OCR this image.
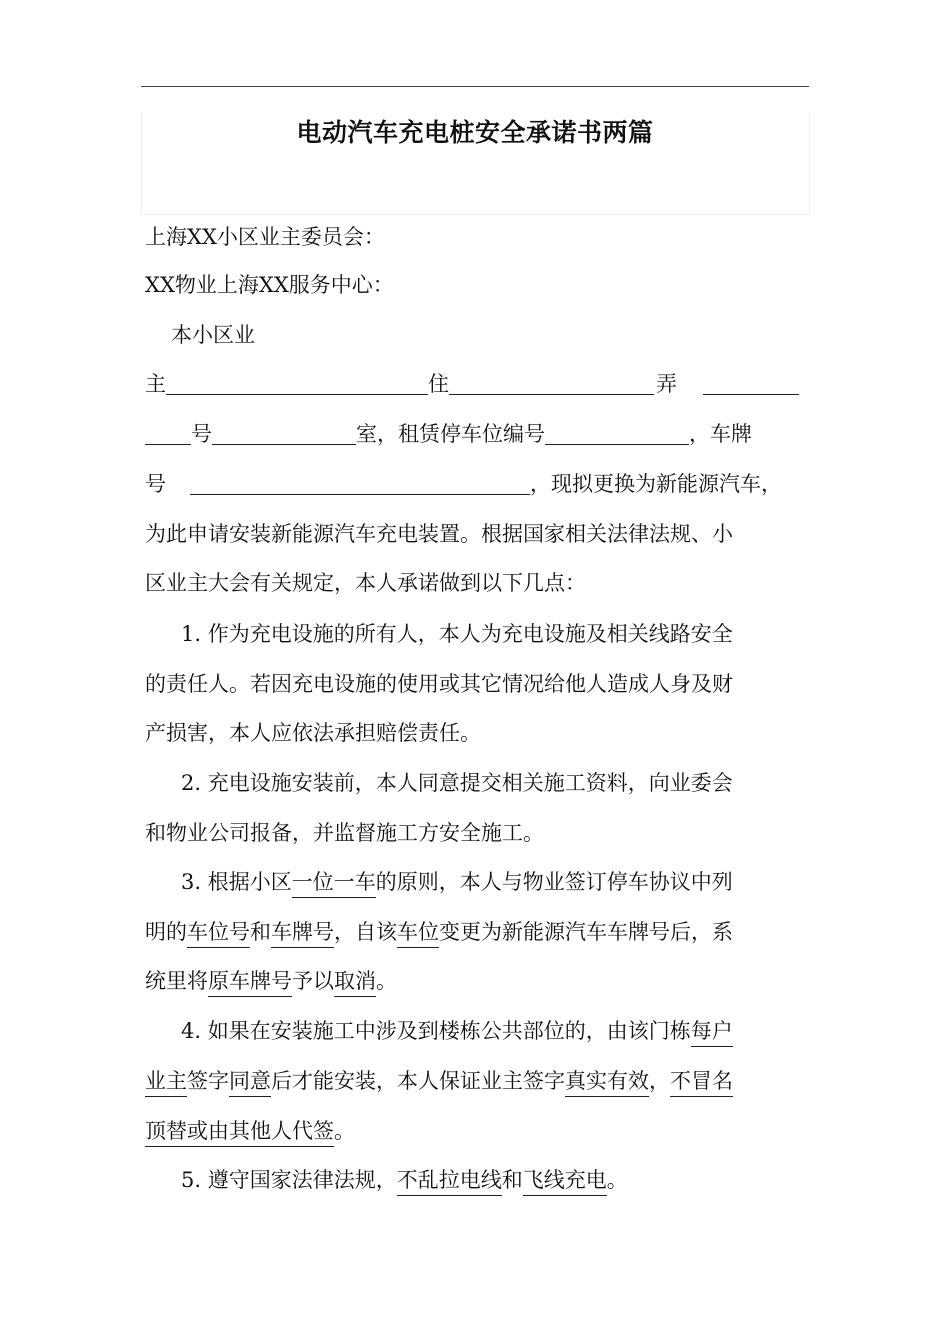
电动汽车充电桩安全承诺书两篇
上海XX小区业主委员会：
XX物业上海XX服务中心：
本小区业
主	住	弄
号	室，租赁停车位编号	，车牌
号	，现拟更换为新能源汽车，
为此申请安装新能源汽车充电装置。根据国家相关法律法规、小
区业主大会有关规定，本人承诺做到以下几点：
1. 作为充电设施的所有人，本人为充电设施及相关线路安全
的责任人。若因充电设施的使用或其它情况给他人造成人身及财
产损害，本人应依法承担赔偿责任。
2. 充电设施安装前，本人同意提交相关施工资料，向业委会
和物业公司报备，并监督施工方安全施工。
3. 根据小区一位一车的原则，本人与物业签订停车协议中列
明的车位号和车牌号，自该车位变更为新能源汽车车牌号后，系
统里将原车牌号予以取消。
4. 如果在安装施工中涉及到楼栋公共部位的，由该门栋每户
业主签字同意后才能安装，本人保证业主签字真实有效，不冒名
顶替或由其他人代签。
5. 遵守国家法律法规，不乱拉电线和飞线充电。
